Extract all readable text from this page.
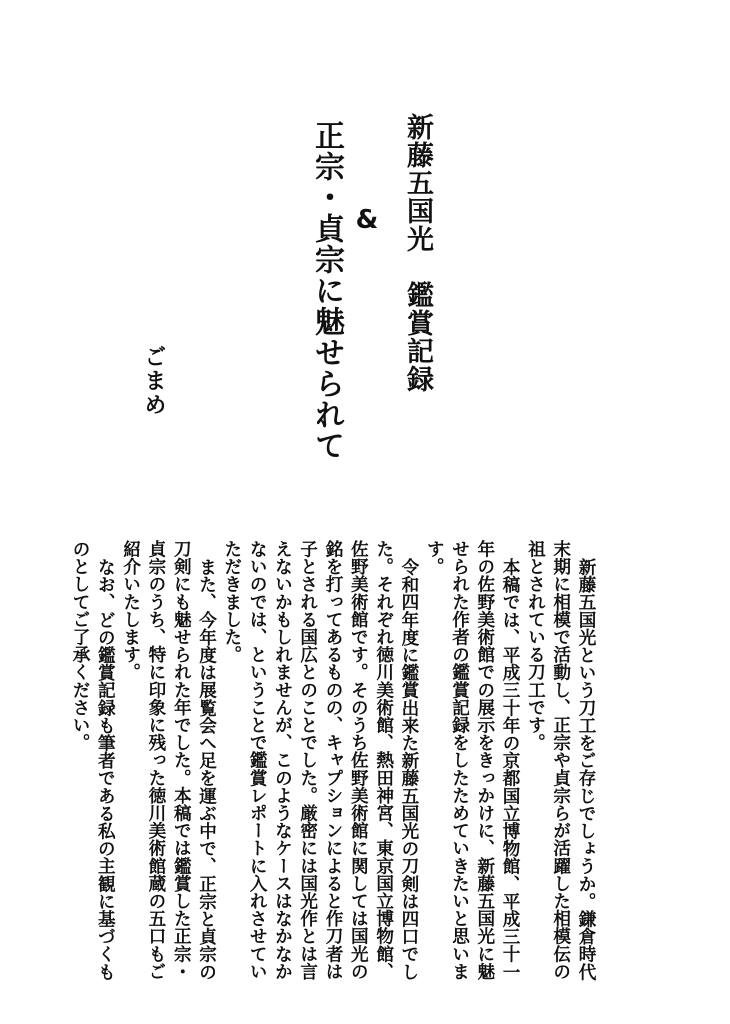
新藤五国光　鑑賞記録
&
正宗・貞宗に魅せられて
ごまめ

新藤五国光という刀工をご存じでしょうか。鎌倉時代末期に相模で活動し、正宗や貞宗らが活躍した相模伝の祖とされている刀工です。

本稿では、平成三十年の京都国立博物館、平成三十一年の佐野美術館での展示をきっかけに、新藤五国光に魅せられた作者の鑑賞記録をしたためていきたいと思います。

令和四年度に鑑賞出来た新藤五国光の刀剣は四口でした。それぞれ徳川美術館、熱田神宮、東京国立博物館、佐野美術館です。そのうち佐野美術館に関しては国光の銘を打ってあるものの、キャプションによると作刀者は子とされる国広とのことでした。厳密には国光作とは言えないかもしれませんが、このようなケースはなかなかないのでは、ということで鑑賞レポートに入れさせていただきました。

また、今年度は展覧会へ足を運ぶ中で、正宗と貞宗の刀剣にも魅せられた年でした。本稿では鑑賞した正宗・貞宗のうち、特に印象に残った徳川美術館蔵の五口もご紹介いたします。

なお、どの鑑賞記録も筆者である私の主観に基づくものとしてご了承ください。
